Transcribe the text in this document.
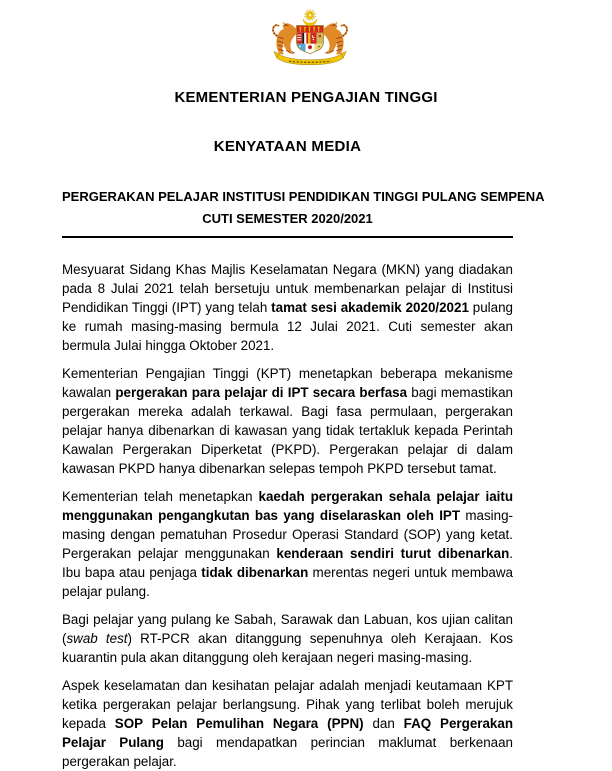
KEMENTERIAN PENGAJIAN TINGGI
KENYATAAN MEDIA
PERGERAKAN PELAJAR INSTITUSI PENDIDIKAN TINGGI PULANG SEMPENA
CUTI SEMESTER 2020/2021

Mesyuarat Sidang Khas Majlis Keselamatan Negara (MKN) yang diadakan pada 8 Julai 2021 telah bersetuju untuk membenarkan pelajar di Institusi Pendidikan Tinggi (IPT) yang telah tamat sesi akademik 2020/2021 pulang ke rumah masing-masing bermula 12 Julai 2021. Cuti semester akan bermula Julai hingga Oktober 2021.

Kementerian Pengajian Tinggi (KPT) menetapkan beberapa mekanisme kawalan pergerakan para pelajar di IPT secara berfasa bagi memastikan pergerakan mereka adalah terkawal. Bagi fasa permulaan, pergerakan pelajar hanya dibenarkan di kawasan yang tidak tertakluk kepada Perintah Kawalan Pergerakan Diperketat (PKPD). Pergerakan pelajar di dalam kawasan PKPD hanya dibenarkan selepas tempoh PKPD tersebut tamat.

Kementerian telah menetapkan kaedah pergerakan sehala pelajar iaitu menggunakan pengangkutan bas yang diselaraskan oleh IPT masing-masing dengan pematuhan Prosedur Operasi Standard (SOP) yang ketat. Pergerakan pelajar menggunakan kenderaan sendiri turut dibenarkan. Ibu bapa atau penjaga tidak dibenarkan merentas negeri untuk membawa pelajar pulang.

Bagi pelajar yang pulang ke Sabah, Sarawak dan Labuan, kos ujian calitan (swab test) RT-PCR akan ditanggung sepenuhnya oleh Kerajaan. Kos kuarantin pula akan ditanggung oleh kerajaan negeri masing-masing.

Aspek keselamatan dan kesihatan pelajar adalah menjadi keutamaan KPT ketika pergerakan pelajar berlangsung. Pihak yang terlibat boleh merujuk kepada SOP Pelan Pemulihan Negara (PPN) dan FAQ Pergerakan Pelajar Pulang bagi mendapatkan perincian maklumat berkenaan pergerakan pelajar.
